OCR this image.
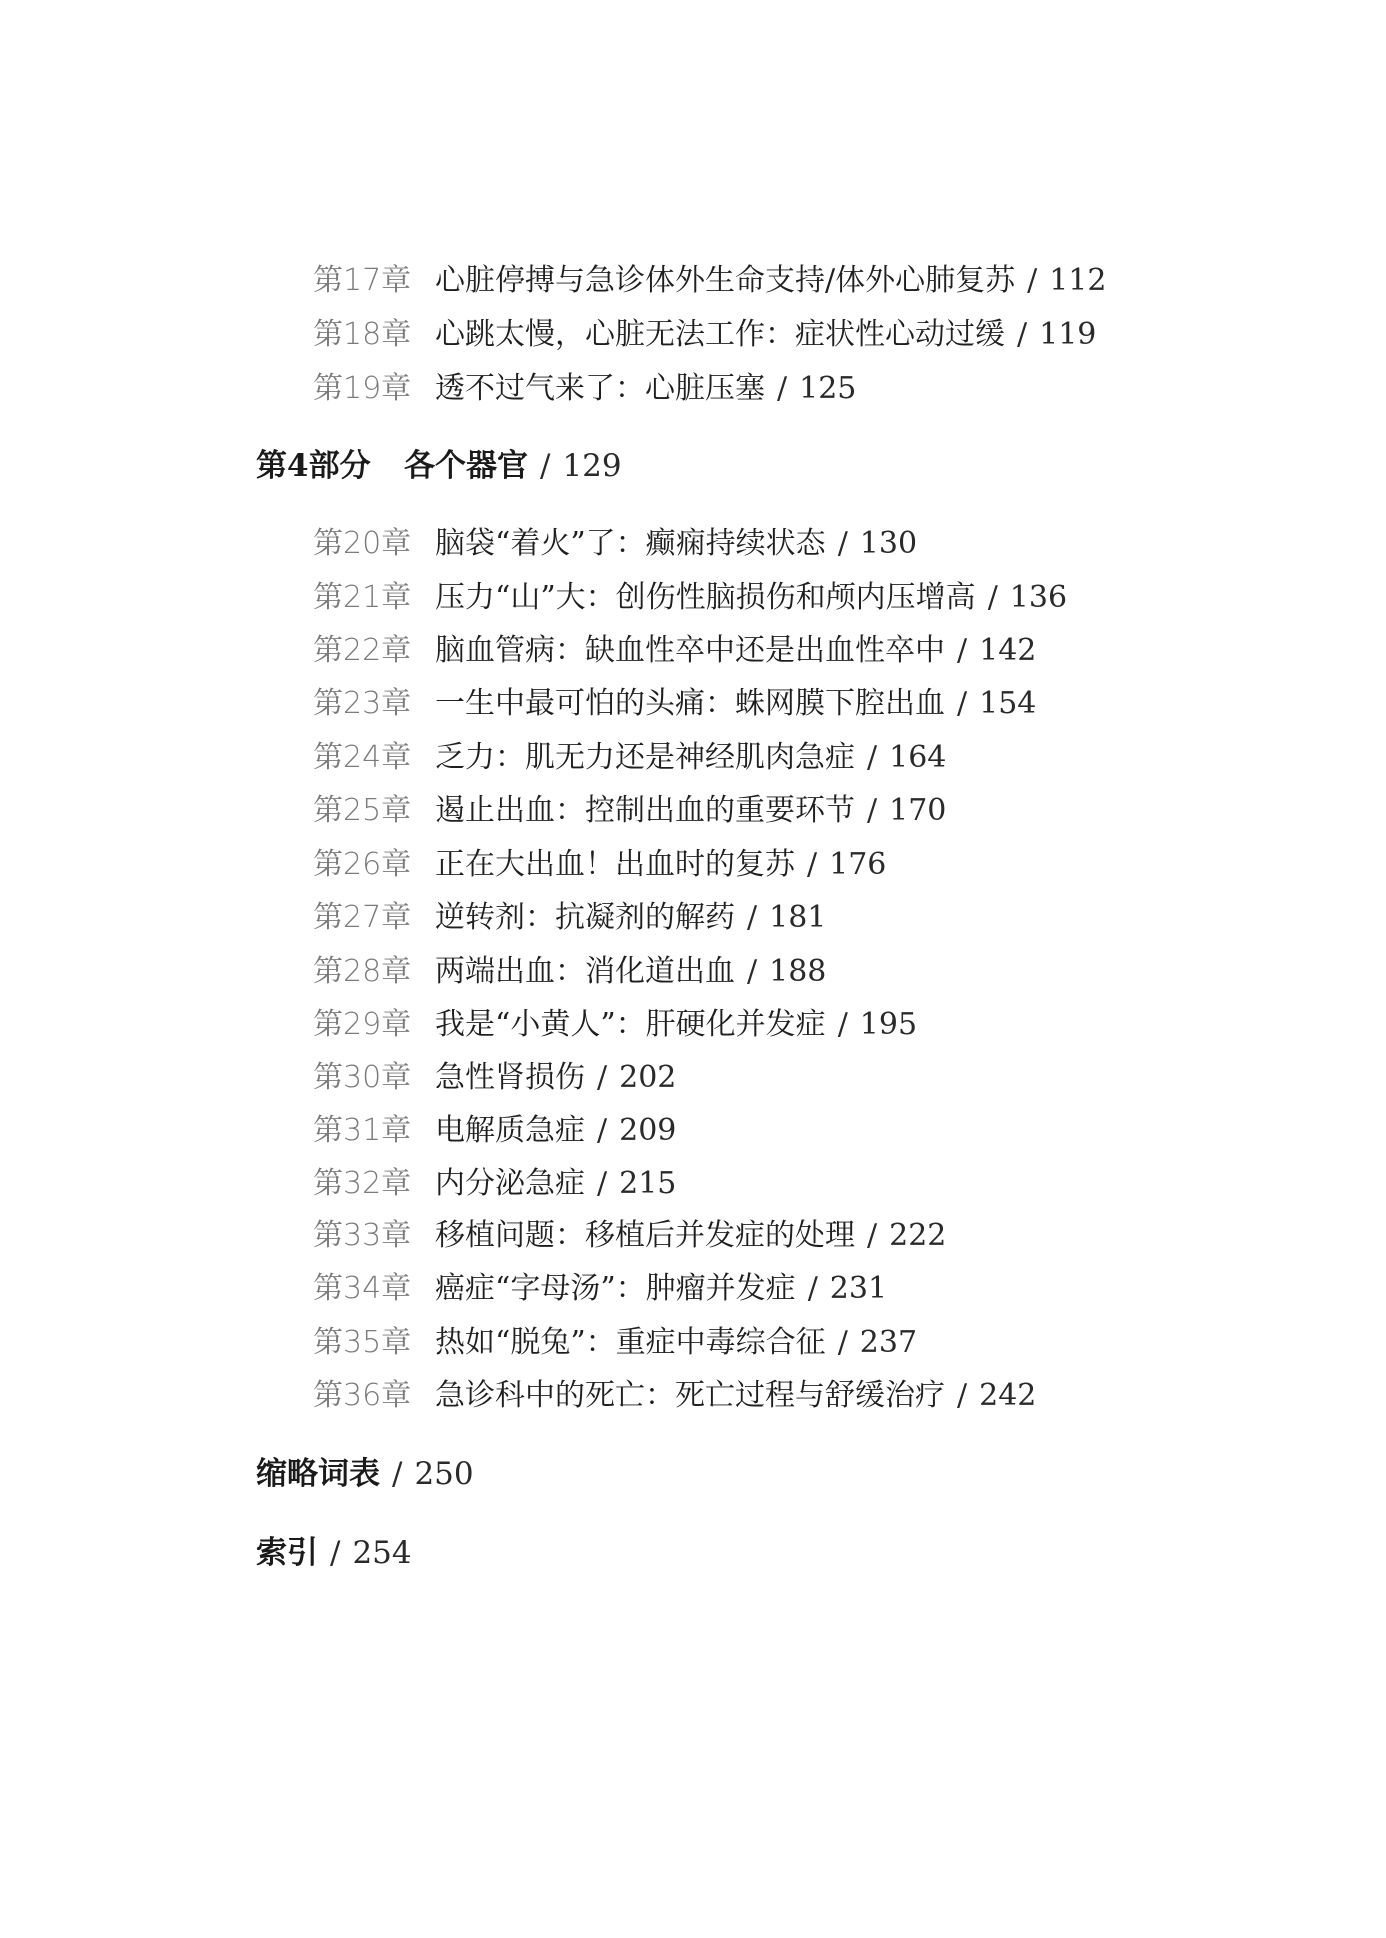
第17章 心脏停搏与急诊体外生命支持/体外心肺复苏 / 112
第18章 心跳太慢，心脏无法工作：症状性心动过缓 / 119
第19章 透不过气来了：心脏压塞 / 125
第4部分 各个器官 / 129
第20章 脑袋“着火”了：癫痫持续状态 / 130
第21章 压力“山”大：创伤性脑损伤和颅内压增高 / 136
第22章 脑血管病：缺血性卒中还是出血性卒中 / 142
第23章 一生中最可怕的头痛：蛛网膜下腔出血 / 154
第24章 乏力：肌无力还是神经肌肉急症 / 164
第25章 遏止出血：控制出血的重要环节 / 170
第26章 正在大出血！出血时的复苏 / 176
第27章 逆转剂：抗凝剂的解药 / 181
第28章 两端出血：消化道出血 / 188
第29章 我是“小黄人”：肝硬化并发症 / 195
第30章 急性肾损伤 / 202
第31章 电解质急症 / 209
第32章 内分泌急症 / 215
第33章 移植问题：移植后并发症的处理 / 222
第34章 癌症“字母汤”：肿瘤并发症 / 231
第35章 热如“脱兔”：重症中毒综合征 / 237
第36章 急诊科中的死亡：死亡过程与舒缓治疗 / 242
缩略词表 / 250
索引 / 254
